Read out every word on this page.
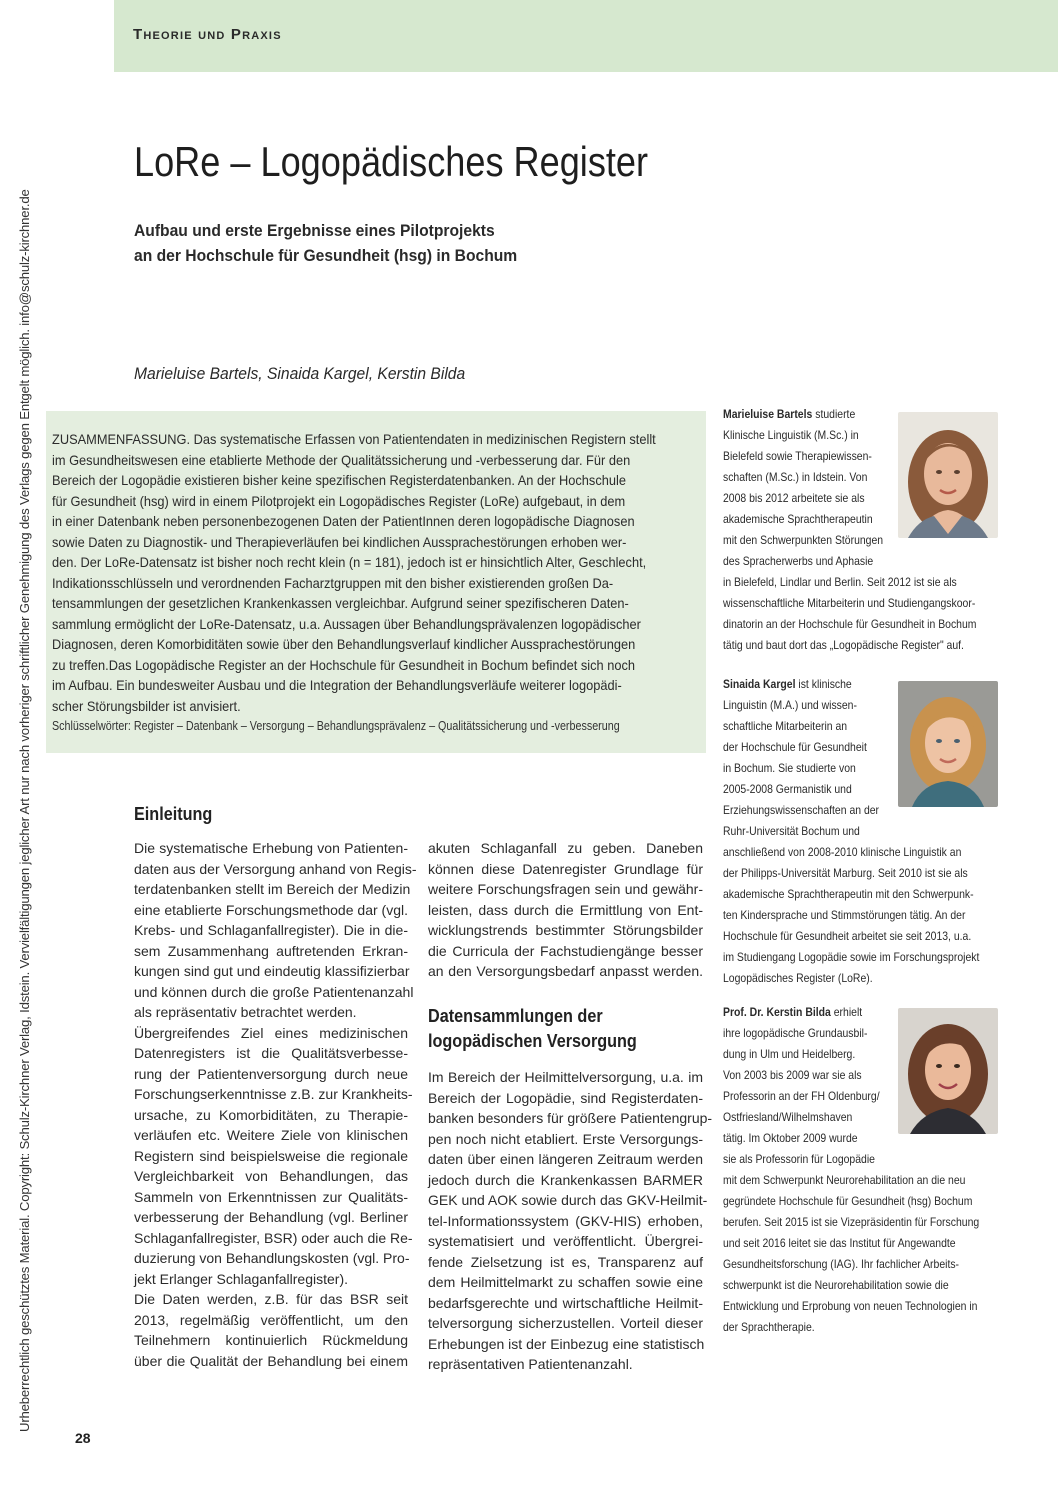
Theorie und Praxis
Urheberrechtlich geschütztes Material. Copyright: Schulz-Kirchner Verlag, Idstein. Vervielfältigungen jeglicher Art nur nach vorheriger schriftlicher Genehmigung des Verlags gegen Entgelt möglich. info@schulz-kirchner.de
LoRe – Logopädisches Register
Aufbau und erste Ergebnisse eines Pilotprojekts
an der Hochschule für Gesundheit (hsg) in Bochum
Marieluise Bartels, Sinaida Kargel, Kerstin Bilda
ZUSAMMENFASSUNG. Das systematische Erfassen von Patientendaten in medizinischen Registern stellt
im Gesundheitswesen eine etablierte Methode der Qualitätssicherung und -verbesserung dar. Für den
Bereich der Logopädie existieren bisher keine spezifischen Registerdatenbanken. An der Hochschule
für Gesundheit (hsg) wird in einem Pilotprojekt ein Logopädisches Register (LoRe) aufgebaut, in dem
in einer Datenbank neben personenbezogenen Daten der PatientInnen deren logopädische Diagnosen
sowie Daten zu Diagnostik- und Therapieverläufen bei kindlichen Aussprachestörungen erhoben wer-
den. Der LoRe-Datensatz ist bisher noch recht klein (n = 181), jedoch ist er hinsichtlich Alter, Geschlecht,
Indikationsschlüsseln und verordnenden Facharztgruppen mit den bisher existierenden großen Da-
tensammlungen der gesetzlichen Krankenkassen vergleichbar. Aufgrund seiner spezifischeren Daten-
sammlung ermöglicht der LoRe-Datensatz, u.a. Aussagen über Behandlungsprävalenzen logopädischer
Diagnosen, deren Komorbiditäten sowie über den Behandlungsverlauf kindlicher Aussprachestörungen
zu treffen.Das Logopädische Register an der Hochschule für Gesundheit in Bochum befindet sich noch
im Aufbau. Ein bundesweiter Ausbau und die Integration der Behandlungsverläufe weiterer logopädi-
scher Störungsbilder ist anvisiert.
Schlüsselwörter: Register – Datenbank – Versorgung – Behandlungsprävalenz – Qualitätssicherung und -verbesserung
Einleitung
Die systematische Erhebung von Patienten-
daten aus der Versorgung anhand von Regis-
terdatenbanken stellt im Bereich der Medizin
eine etablierte Forschungsmethode dar (vgl.
Krebs- und Schlaganfallregister). Die in die-
sem Zusammenhang auftretenden Erkran-
kungen sind gut und eindeutig klassifizierbar
und können durch die große Patientenanzahl
als repräsentativ betrachtet werden.
Übergreifendes Ziel eines medizinischen
Datenregisters ist die Qualitätsverbesse-
rung der Patientenversorgung durch neue
Forschungserkenntnisse z.B. zur Krankheits-
ursache, zu Komorbiditäten, zu Therapie-
verläufen etc. Weitere Ziele von klinischen
Registern sind beispielsweise die regionale
Vergleichbarkeit von Behandlungen, das
Sammeln von Erkenntnissen zur Qualitäts-
verbesserung der Behandlung (vgl. Berliner
Schlaganfallregister, BSR) oder auch die Re-
duzierung von Behandlungskosten (vgl. Pro-
jekt Erlanger Schlaganfallregister).
Die Daten werden, z.B. für das BSR seit
2013, regelmäßig veröffentlicht, um den
Teilnehmern kontinuierlich Rückmeldung
über die Qualität der Behandlung bei einem
akuten Schlaganfall zu geben. Daneben
können diese Datenregister Grundlage für
weitere Forschungsfragen sein und gewähr-
leisten, dass durch die Ermittlung von Ent-
wicklungstrends bestimmter Störungsbilder
die Curricula der Fachstudiengänge besser
an den Versorgungsbedarf anpasst werden.
Datensammlungen der
logopädischen Versorgung
Im Bereich der Heilmittelversorgung, u.a. im
Bereich der Logopädie, sind Registerdaten-
banken besonders für größere Patientengrup-
pen noch nicht etabliert. Erste Versorgungs-
daten über einen längeren Zeitraum werden
jedoch durch die Krankenkassen BARMER
GEK und AOK sowie durch das GKV-Heilmit-
tel-Informationssystem (GKV-HIS) erhoben,
systematisiert und veröffentlicht. Übergrei-
fende Zielsetzung ist es, Transparenz auf
dem Heilmittelmarkt zu schaffen sowie eine
bedarfsgerechte und wirtschaftliche Heilmit-
telversorgung sicherzustellen. Vorteil dieser
Erhebungen ist der Einbezug eine statistisch
repräsentativen Patientenanzahl.
Marieluise Bartels studierte
Klinische Linguistik (M.Sc.) in
Bielefeld sowie Therapiewissen-
schaften (M.Sc.) in Idstein. Von
2008 bis 2012 arbeitete sie als
akademische Sprachtherapeutin
mit den Schwerpunkten Störungen
des Spracherwerbs und Aphasie
in Bielefeld, Lindlar und Berlin. Seit 2012 ist sie als
wissenschaftliche Mitarbeiterin und Studiengangskoor-
dinatorin an der Hochschule für Gesundheit in Bochum
tätig und baut dort das „Logopädische Register" auf.
Sinaida Kargel ist klinische
Linguistin (M.A.) und wissen-
schaftliche Mitarbeiterin an
der Hochschule für Gesundheit
in Bochum. Sie studierte von
2005-2008 Germanistik und
Erziehungswissenschaften an der
Ruhr-Universität Bochum und
anschließend von 2008-2010 klinische Linguistik an
der Philipps-Universität Marburg. Seit 2010 ist sie als
akademische Sprachtherapeutin mit den Schwerpunk-
ten Kindersprache und Stimmstörungen tätig. An der
Hochschule für Gesundheit arbeitet sie seit 2013, u.a.
im Studiengang Logopädie sowie im Forschungsprojekt
Logopädisches Register (LoRe).
Prof. Dr. Kerstin Bilda erhielt
ihre logopädische Grundausbil-
dung in Ulm und Heidelberg.
Von 2003 bis 2009 war sie als
Professorin an der FH Oldenburg/
Ostfriesland/Wilhelmshaven
tätig. Im Oktober 2009 wurde
sie als Professorin für Logopädie
mit dem Schwerpunkt Neurorehabilitation an die neu
gegründete Hochschule für Gesundheit (hsg) Bochum
berufen. Seit 2015 ist sie Vizepräsidentin für Forschung
und seit 2016 leitet sie das Institut für Angewandte
Gesundheitsforschung (IAG). Ihr fachlicher Arbeits-
schwerpunkt ist die Neurorehabilitation sowie die
Entwicklung und Erprobung von neuen Technologien in
der Sprachtherapie.
28
